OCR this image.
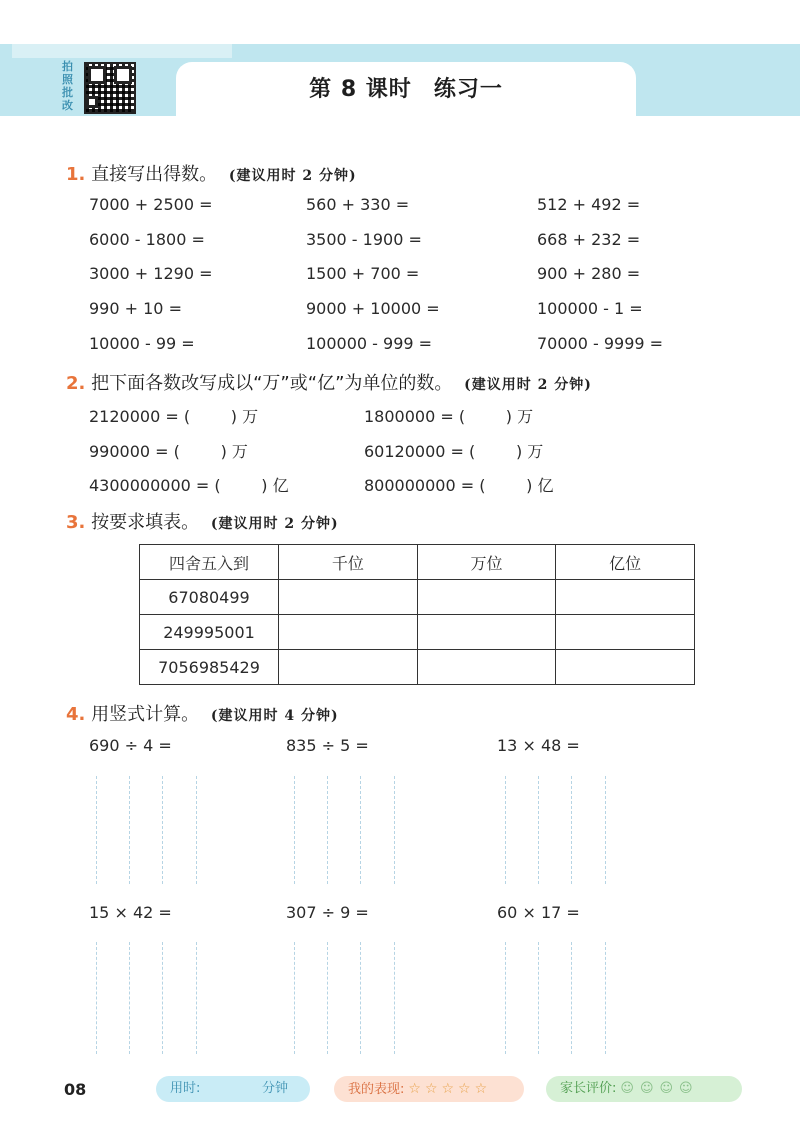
拍照批改
第 8 课时 练习一
1. 直接写出得数。 (建议用时 2 分钟)
7000 + 2500 =	560 + 330 =	512 + 492 =
6000 - 1800 =	3500 - 1900 =	668 + 232 =
3000 + 1290 =	1500 + 700 =	900 + 280 =
990 + 10 =	9000 + 10000 =	100000 - 1 =
10000 - 99 =	100000 - 999 =	70000 - 9999 =
2. 把下面各数改写成以“万”或“亿”为单位的数。 (建议用时 2 分钟)
2120000 = (        ) 万	1800000 = (        ) 万
990000 = (        ) 万	60120000 = (        ) 万
4300000000 = (        ) 亿	800000000 = (        ) 亿
3. 按要求填表。 (建议用时 2 分钟)
四舍五入到	千位	万位	亿位
67080499			
249995001			
7056985429			
4. 用竖式计算。 (建议用时 4 分钟)
690 ÷ 4 =	835 ÷ 5 =	13 × 48 =
15 × 42 =	307 ÷ 9 =	60 × 17 =
08	用时:	分钟	我的表现: ☆☆☆☆☆	家长评价: ☺☺☺☺
